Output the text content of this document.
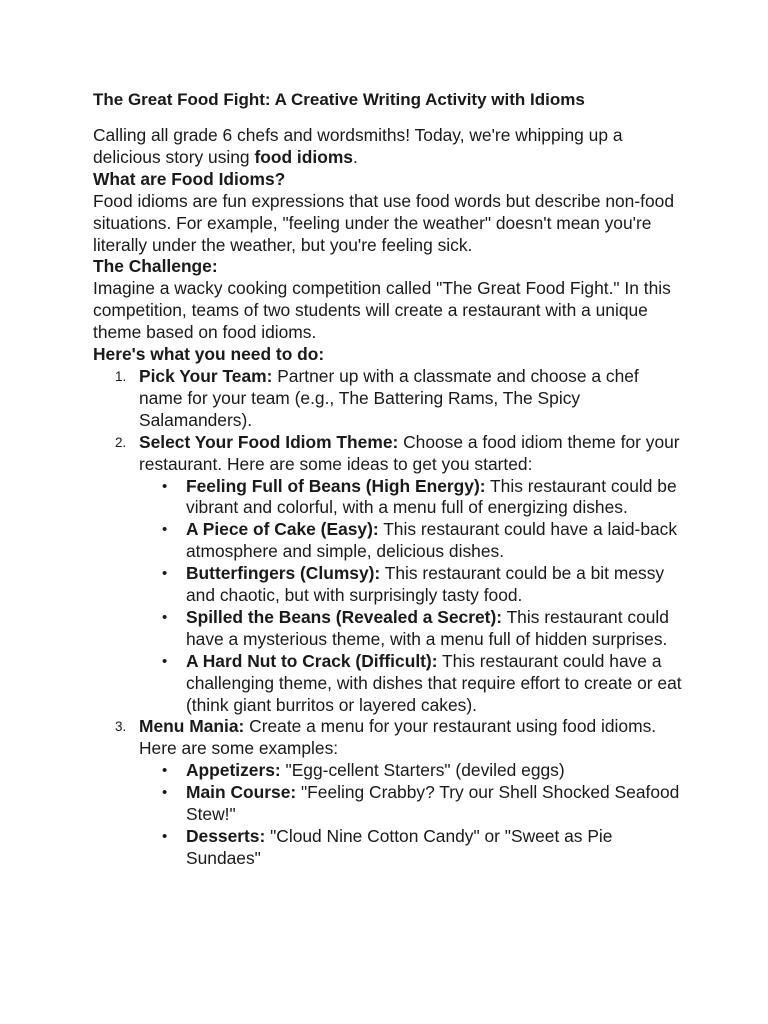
The Great Food Fight: A Creative Writing Activity with Idioms

Calling all grade 6 chefs and wordsmiths! Today, we're whipping up a delicious story using food idioms.

What are Food Idioms?

Food idioms are fun expressions that use food words but describe non-food situations. For example, "feeling under the weather" doesn't mean you're literally under the weather, but you're feeling sick.

The Challenge:

Imagine a wacky cooking competition called "The Great Food Fight." In this competition, teams of two students will create a restaurant with a unique theme based on food idioms.

Here's what you need to do:

1. Pick Your Team: Partner up with a classmate and choose a chef name for your team (e.g., The Battering Rams, The Spicy Salamanders).
2. Select Your Food Idiom Theme: Choose a food idiom theme for your restaurant. Here are some ideas to get you started:
• Feeling Full of Beans (High Energy): This restaurant could be vibrant and colorful, with a menu full of energizing dishes.
• A Piece of Cake (Easy): This restaurant could have a laid-back atmosphere and simple, delicious dishes.
• Butterfingers (Clumsy): This restaurant could be a bit messy and chaotic, but with surprisingly tasty food.
• Spilled the Beans (Revealed a Secret): This restaurant could have a mysterious theme, with a menu full of hidden surprises.
• A Hard Nut to Crack (Difficult): This restaurant could have a challenging theme, with dishes that require effort to create or eat (think giant burritos or layered cakes).
3. Menu Mania: Create a menu for your restaurant using food idioms. Here are some examples:
• Appetizers: "Egg-cellent Starters" (deviled eggs)
• Main Course: "Feeling Crabby? Try our Shell Shocked Seafood Stew!"
• Desserts: "Cloud Nine Cotton Candy" or "Sweet as Pie Sundaes"
